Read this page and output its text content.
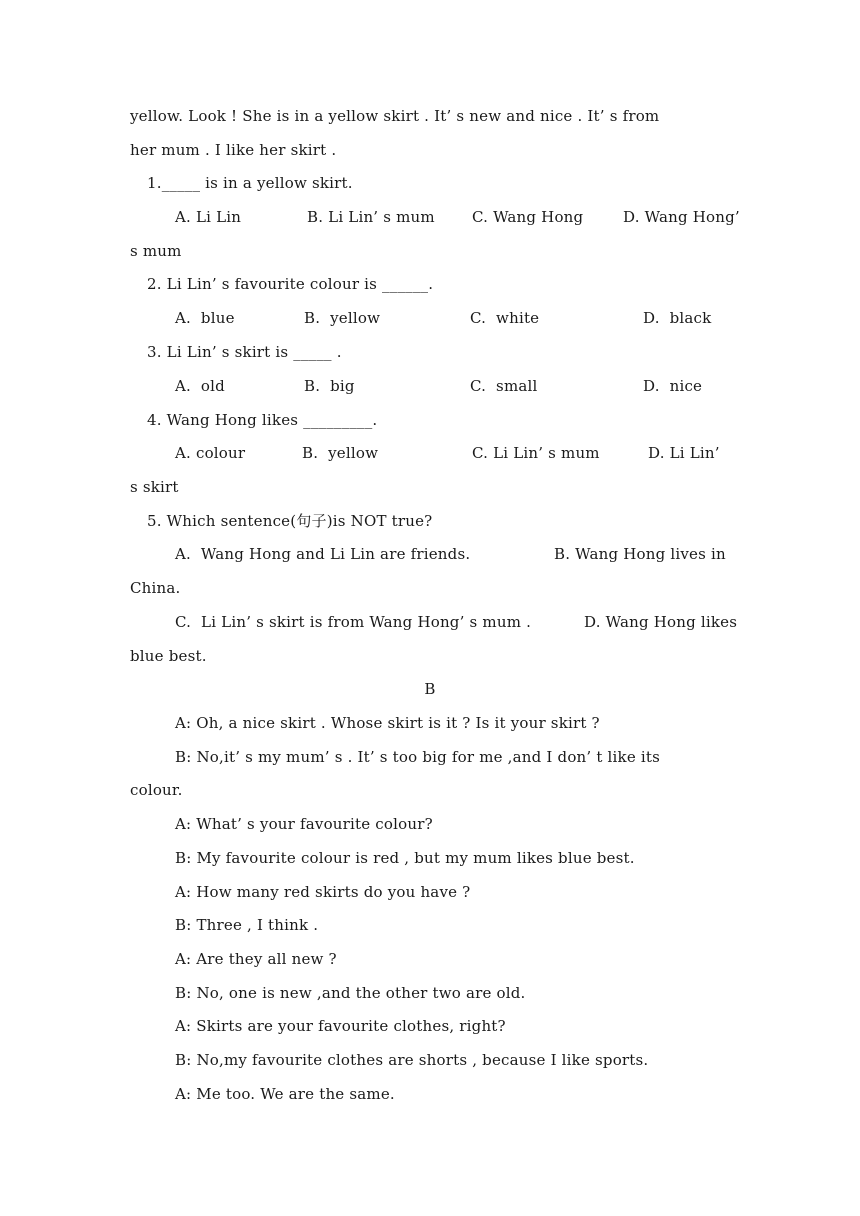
yellow. Look ! She is in a yellow skirt . It’ s new and nice . It’ s from

her mum . I like her skirt .

1._____ is in a yellow skirt.

A. Li Lin

	B. Li Lin’ s mum

C. Wang Hong

	D. Wang Hong’

s mum

2. Li Lin’ s favourite colour is ______.

A.  blue

	B.  yellow

	C.  white

	D.  black

3. Li Lin’ s skirt is _____ .

A.  old

	B.  big

	C.  small

	D.  nice

4. Wang Hong likes _________.

A. colour

	B.  yellow

	C. Li Lin’ s mum

	D. Li Lin’

s skirt

5. Which sentence(句子)is NOT true?

A.  Wang Hong and Li Lin are friends.

	B. Wang Hong lives in

China.

C.  Li Lin’ s skirt is from Wang Hong’ s mum .

	D. Wang Hong likes

blue best.

B

A: Oh, a nice skirt . Whose skirt is it ? Is it your skirt ?

B: No,it’ s my mum’ s . It’ s too big for me ,and I don’ t like its

colour.

A: What’ s your favourite colour?

B: My favourite colour is red , but my mum likes blue best.

A: How many red skirts do you have ?

B: Three , I think .

A: Are they all new ?

B: No, one is new ,and the other two are old.

A: Skirts are your favourite clothes, right?

B: No,my favourite clothes are shorts , because I like sports.

A: Me too. We are the same.
